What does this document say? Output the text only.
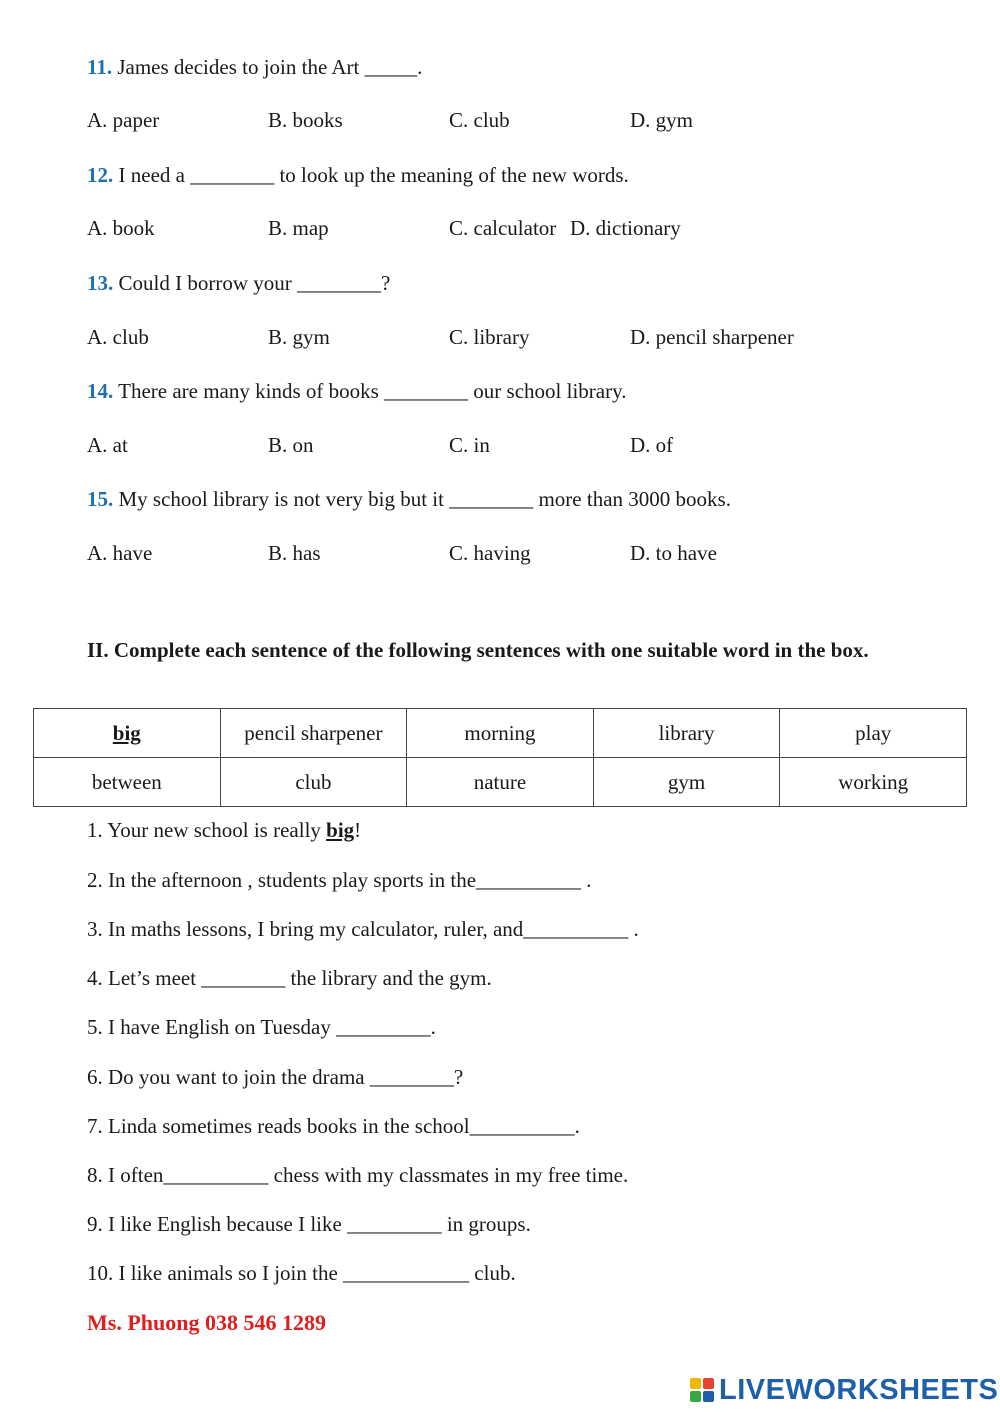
11. James decides to join the Art _____.
A. paper	B. books	C. club	D. gym
12. I need a ________ to look up the meaning of the new words.
A. book	B. map	C. calculator D. dictionary
13. Could I borrow your ________?
A. club	B. gym	C. library	D. pencil sharpener
14. There are many kinds of books ________ our school library.
A. at	B. on	C. in	D. of
15. My school library is not very big but it ________ more than 3000 books.
A. have	B. has	C. having	D. to have
II. Complete each sentence of the following sentences with one suitable word in the box.
big	pencil sharpener	morning	library	play
between	club	nature	gym	working
1. Your new school is really big!
2. In the afternoon , students play sports in the__________ .
3. In maths lessons, I bring my calculator, ruler, and__________ .
4. Let’s meet ________ the library and the gym.
5. I have English on Tuesday _________.
6. Do you want to join the drama ________?
7. Linda sometimes reads books in the school__________.
8. I often__________ chess with my classmates in my free time.
9. I like English because I like _________ in groups.
10. I like animals so I join the ____________ club.
Ms. Phuong 038 546 1289
LIVEWORKSHEETS
